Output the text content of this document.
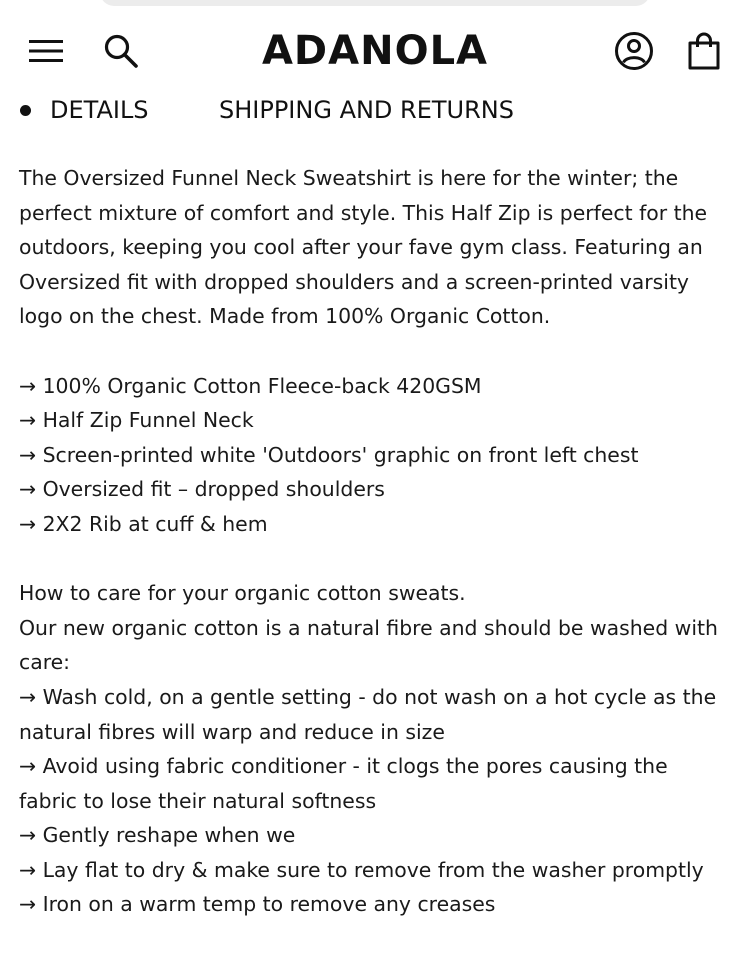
ADANOLA
DETAILS	SHIPPING AND RETURNS

The Oversized Funnel Neck Sweatshirt is here for the winter; the perfect mixture of comfort and style. This Half Zip is perfect for the outdoors, keeping you cool after your fave gym class. Featuring an Oversized fit with dropped shoulders and a screen-printed varsity logo on the chest. Made from 100% Organic Cotton.

→ 100% Organic Cotton Fleece-back 420GSM

→ Half Zip Funnel Neck

→ Screen-printed white 'Outdoors' graphic on front left chest

→ Oversized fit – dropped shoulders

→ 2X2 Rib at cuff & hem

How to care for your organic cotton sweats.

Our new organic cotton is a natural fibre and should be washed with care:

→ Wash cold, on a gentle setting - do not wash on a hot cycle as the natural fibres will warp and reduce in size

→ Avoid using fabric conditioner - it clogs the pores causing the fabric to lose their natural softness

→ Gently reshape when we

→ Lay flat to dry & make sure to remove from the washer promptly

→ Iron on a warm temp to remove any creases
